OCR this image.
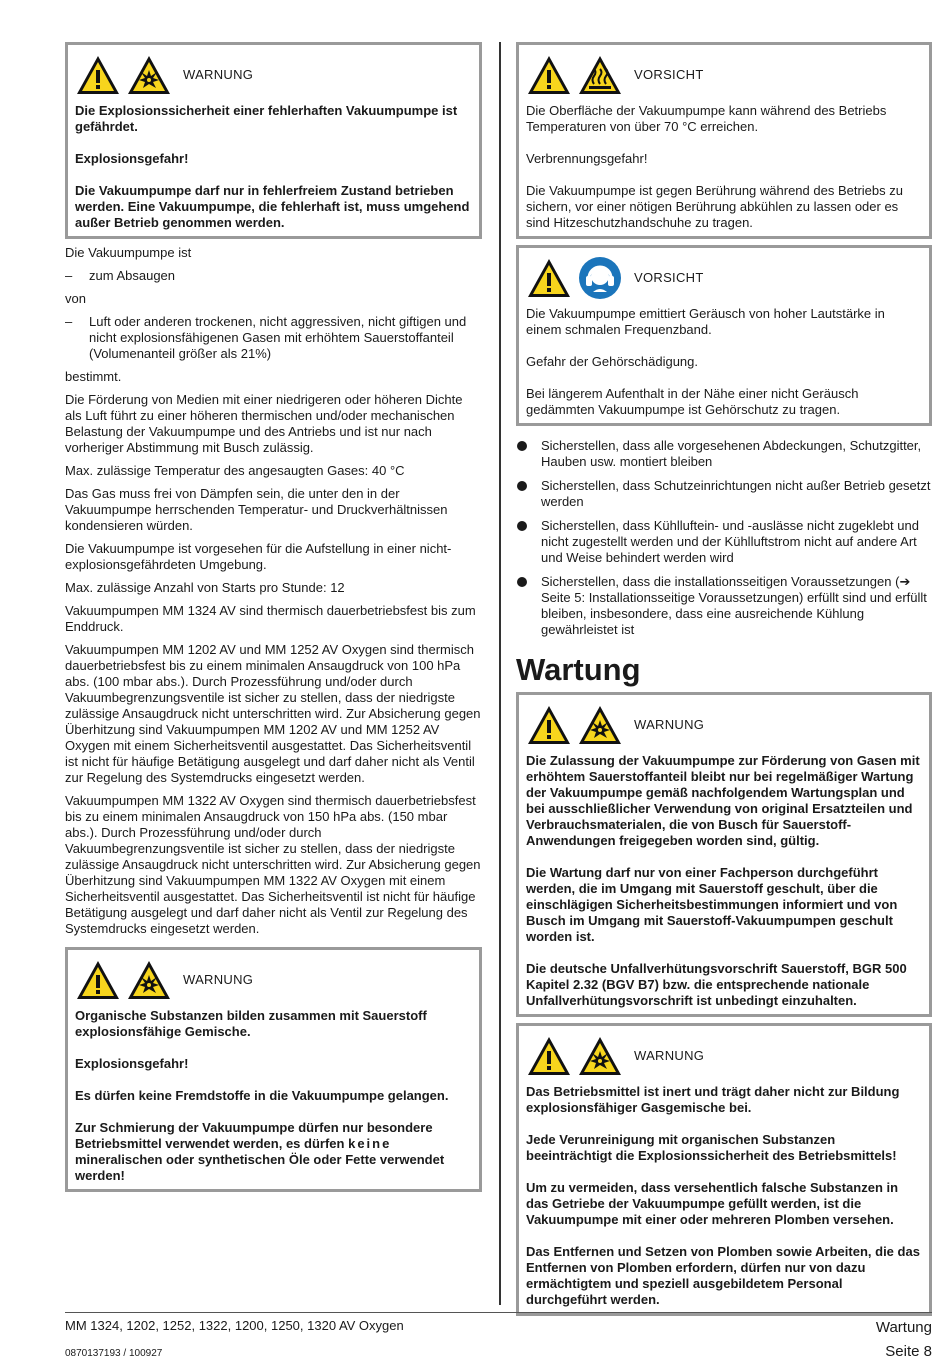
WARNUNG

Die Explosionssicherheit einer fehlerhaften Vakuumpumpe ist gefährdet.

Explosionsgefahr!

Die Vakuumpumpe darf nur in fehlerfreiem Zustand betrieben werden. Eine Vakuumpumpe, die fehlerhaft ist, muss umgehend außer Betrieb genommen werden.

Die Vakuumpumpe ist

–	zum Absaugen

von

–	Luft oder anderen trockenen, nicht aggressiven, nicht giftigen und nicht explosionsfähigenen Gasen mit erhöhtem Sauerstoffanteil (Volumenanteil größer als 21%)

bestimmt.

Die Förderung von Medien mit einer niedrigeren oder höheren Dichte als Luft führt zu einer höheren thermischen und/oder mechanischen Belastung der Vakuumpumpe und des Antriebs und ist nur nach vorheriger Abstimmung mit Busch zulässig.

Max. zulässige Temperatur des angesaugten Gases: 40 °C

Das Gas muss frei von Dämpfen sein, die unter den in der Vakuumpumpe herrschenden Temperatur- und Druckverhältnissen kondensieren würden.

Die Vakuumpumpe ist vorgesehen für die Aufstellung in einer nicht-explosionsgefährdeten Umgebung.

Max. zulässige Anzahl von Starts pro Stunde: 12

Vakuumpumpen MM 1324 AV sind thermisch dauerbetriebsfest bis zum Enddruck.

Vakuumpumpen MM 1202 AV und MM 1252 AV Oxygen sind thermisch dauerbetriebsfest bis zu einem minimalen Ansaugdruck von 100 hPa abs. (100 mbar abs.). Durch Prozessführung und/oder durch Vakuumbegrenzungsventile ist sicher zu stellen, dass der niedrigste zulässige Ansaugdruck nicht unterschritten wird. Zur Absicherung gegen Überhitzung sind Vakuumpumpen MM 1202 AV und MM 1252 AV Oxygen mit einem Sicherheitsventil ausgestattet. Das Sicherheitsventil ist nicht für häufige Betätigung ausgelegt und darf daher nicht als Ventil zur Regelung des Systemdrucks eingesetzt werden.

Vakuumpumpen MM 1322 AV Oxygen sind thermisch dauerbetriebsfest bis zu einem minimalen Ansaugdruck von 150 hPa abs. (150 mbar abs.). Durch Prozessführung und/oder durch Vakuumbegrenzungsventile ist sicher zu stellen, dass der niedrigste zulässige Ansaugdruck nicht unterschritten wird. Zur Absicherung gegen Überhitzung sind Vakuumpumpen MM 1322 AV Oxygen mit einem Sicherheitsventil ausgestattet. Das Sicherheitsventil ist nicht für häufige Betätigung ausgelegt und darf daher nicht als Ventil zur Regelung des Systemdrucks eingesetzt werden.

WARNUNG

Organische Substanzen bilden zusammen mit Sauerstoff explosionsfähige Gemische.

Explosionsgefahr!

Es dürfen keine Fremdstoffe in die Vakuumpumpe gelangen.

Zur Schmierung der Vakuumpumpe dürfen nur besondere Betriebsmittel verwendet werden, es dürfen keine mineralischen oder synthetischen Öle oder Fette verwendet werden!

VORSICHT

Die Oberfläche der Vakuumpumpe kann während des Betriebs Temperaturen von über 70 °C erreichen.

Verbrennungsgefahr!

Die Vakuumpumpe ist gegen Berührung während des Betriebs zu sichern, vor einer nötigen Berührung abkühlen zu lassen oder es sind Hitzeschutzhandschuhe zu tragen.

VORSICHT

Die Vakuumpumpe emittiert Geräusch von hoher Lautstärke in einem schmalen Frequenzband.

Gefahr der Gehörschädigung.

Bei längerem Aufenthalt in der Nähe einer nicht Geräusch gedämmten Vakuumpumpe ist Gehörschutz zu tragen.

Sicherstellen, dass alle vorgesehenen Abdeckungen, Schutzgitter, Hauben usw. montiert bleiben
Sicherstellen, dass Schutzeinrichtungen nicht außer Betrieb gesetzt werden
Sicherstellen, dass Kühlluftein- und -auslässe nicht zugeklebt und nicht zugestellt werden und der Kühlluftstrom nicht auf andere Art und Weise behindert werden wird
Sicherstellen, dass die installationsseitigen Voraussetzungen (➔ Seite 5: Installationsseitige Voraussetzungen) erfüllt sind und erfüllt bleiben, insbesondere, dass eine ausreichende Kühlung gewährleistet ist
Wartung
WARNUNG

Die Zulassung der Vakuumpumpe zur Förderung von Gasen mit erhöhtem Sauerstoffanteil bleibt nur bei regelmäßiger Wartung der Vakuumpumpe gemäß nachfolgendem Wartungsplan und bei ausschließlicher Verwendung von original Ersatzteilen und Verbrauchsmaterialen, die von Busch für Sauerstoff-Anwendungen freigegeben worden sind, gültig.

Die Wartung darf nur von einer Fachperson durchgeführt werden, die im Umgang mit Sauerstoff geschult, über die einschlägigen Sicherheitsbestimmungen informiert und von Busch im Umgang mit Sauerstoff-Vakuumpumpen geschult worden ist.

Die deutsche Unfallverhütungsvorschrift Sauerstoff, BGR 500 Kapitel 2.32 (BGV B7) bzw. die entsprechende nationale Unfallverhütungsvorschrift ist unbedingt einzuhalten.

WARNUNG

Das Betriebsmittel ist inert und trägt daher nicht zur Bildung explosionsfähiger Gasgemische bei.

Jede Verunreinigung mit organischen Substanzen beeinträchtigt die Explosionssicherheit des Betriebsmittels!

Um zu vermeiden, dass versehentlich falsche Substanzen in das Getriebe der Vakuumpumpe gefüllt werden, ist die Vakuumpumpe mit einer oder mehreren Plomben versehen.

Das Entfernen und Setzen von Plomben sowie Arbeiten, die das Entfernen von Plomben erfordern, dürfen nur von dazu ermächtigtem und speziell ausgebildetem Personal durchgeführt werden.

MM 1324, 1202, 1252, 1322, 1200, 1250, 1320 AV Oxygen
0870137193 / 100927
Wartung
Seite 8
